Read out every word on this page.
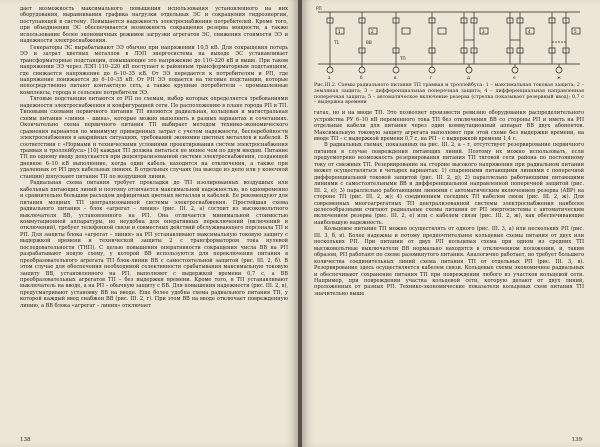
дает возможность максимального повышения использования установленного на них оборудования, выравнивания графика нагрузки отдельных ЭС и сокращения гидроэнергии, поступающей в систему. Повышается надежность электроснабжения потребителей. Кроме того, при объединении ЭС обеспечивается возможность сокращения резерва мощности, а также использование более экономичных режимов загрузки агрегатов ЭС, снижения стоимости ЭЭ и надежности электроснабжения.

Генераторы ЭС вырабатывают ЭЭ обычно при напряжении 10,5 кВ. Для сокращения потерь ЭЭ и затрат цветных металлов в ЛЭП энергосистема на выходе ЭС устанавливает трансформаторные подстанции, повышающие это напряжение до 110–220 кВ и выше. При таком напряжении ЭЭ через ЛЭП 110–220 кВ поступает к районным трансформаторным подстанциям, где снижается напряжение до 6–10–35 кВ. От ЭЭ передается к потребителям и РП, где напряжение понижается до 6–10–35 кВ. От РП ЭЭ подается на тяговые подстанции, которые непосредственно питают контактную сеть, а также крупные потребители – промышленные комплексы, города и сельские потребители ЭЭ.

Тяговые подстанции питаются от РП по схемам, выбор которых определяется требованиями надежности электроснабжения и конфигурацией сети. По расположению в плане города РП и ТП. Типовыми схемами первичного питания ТП являются радиальная, кольцевая и магистральная схемы питания «линия – шина», которые можно выполнить в разных вариантах и сочетаниях. Окончательно схема первичного питания ТП выбирает методом технико-экономического сравнения вариантов по минимуму приведенных затрат с учетом надежности, бесперебойности электроснабжения в аварийных ситуациях, требований экономии цветных металлов и кабелей. В соответствии с «Нормами и техническими условиями проектирования систем электроснабжения трамвая и троллейбуса» [10] каждая ТП должна питаться не менее чем по двум вводам. Питание ТП по одному вводу допускается при децентрализованной системе электроснабжения, создающей дневное 6–10 кВ выполнение, когда один кабель находится на отключения, а также при удаленных от РП двух кабельных линиях. В отдельных случаях (на выезде из депо или у конечной станции) допускают питание ТП по воздушной линии.

Радиальная схема питания требует прокладки до ТП изолированных воздушных или кабельных питающих линий и поэтому отличается максимальной надежностью, но одновременно и сравнительно большим расходом дефицитных цветных металлов и кабелей. Ее рекомендуют для питания мощных ТП централизованной системы электроснабжения. Простейшая схема радиального питания – блок «агрегат – линия» (рис. III. 2, а) состоит из высоковольтного выключателя ВВ, установленного на РП. Она отличается минимальной стоимостью коммутационной аппаратуры, но неудобна для оперативных переключений (включений и отключений), требует телефонной связи и совместных действий обслуживающего персонала ТП и РП. Для защиты блока «агрегат – линия» на РП устанавливают максимальную токовую защиту с выдержкой времени и технической защиты 2 с трансформатором тока нулевой последовательности (ТНП). С целью повышения оперативности сокращения числа ВВ на РП разрабатывают новую схему, у которой ВВ используются для переключения питания в преобразовательного агрегата ТП блок-линии ВВ с самостоятельной защитой (рис. III. 2, б). В этом случае для обеспечения необходимой селективности срабатывания максимальную токовую защиту ВВ, установленного на РП, выполняют с выдержкой времени 0,7 с, а ВВ преобразовательных агрегатов ТП – без выдержки времени. Кроме того, в ТП устанавливают выключатель на вводе, а на РП – обычную защиту с ВВ. Для повышения надежности (рис. III. 2, в), предусматривают установку ВВ на вводе. Еще более удобна схема радиального питания ТП, у которой каждый ввод снабжен ВВ (рис. III. 2, г). При этом ВВ на вводе отключает поврежденную линию, а ВВ блока «агрегат – линия» отключает

138
РП
Т1	ВВ
ТП
а	б	в	г	д	е	ж
1	2	3	4	5

Рис.III.2. Схемы радиального питания ТП трамвая и троллейбуса: 1 – максимальная токовая защита; 2 – земляная защита; 3 – дифференциальная поперечная защита; 4 – дифференциальная направленная поперечная защита; 5 – автоматическое включение резерва (стрелка показывает резервный ввод); 0,7 с – выдержка времени

гатах, но и на вводе ТП. Это позволяет произвести ревизию оборудования распределительного устройства РУ 6–10 кВ переменного тока ТП без отключения ВВ со стороны РП и иметь на РП отдельные кабели для питания через один коммутационный аппарат ВВ двух абонентов. Максимальную токовую защиту агрегата выполняют при этой схеме без выдержки времени, на вводе ТП – с выдержкой времени 0,7 с, на РП – с выдержкой времени 1,4 с.

В радиальных схемах, показанных на рис. III. 2, а – г, отсутствует резервирование первичного питания в случае повреждения питающих линий. Поэтому их можно использовать, если предусмотрено возможность резервирования питания ТП тяговой сети района по постоянному току от смежных ТП. Резервирование на стороне высокого напряжения при радиальном питании может осуществляться в четырех вариантах: 1) спаренными питающими линиями с поперечной дифференциальной токовой защитой (рис. III. 2, д); 2) параллельно работающими питающими линиями с самостоятельными ВВ и дифференциальной направленной поперечной защитой (рис. III. 2, е); 3) параллельно работающими линиями с автоматическим включением резерва (АВР) на стороне ТП (рис. III. 2, ж); 4) соединением соседних ТП кабелем связи (рис. III. 2, ж). Для современных многоагрегатных ТП централизованной системы электроснабжения наиболее целесообразными считают радиальные схемы питания от РП энергосистемы с автоматическим включением резерва (рис. III. 2, е) или с кабелем связи (рис. III. 2, ж), как обеспечивающие наибольшую надежность.

Кольцевое питание ТП можно осуществлять от одного (рис. III. 3, а) или нескольких РП (рис. III. 3, б, в). Более надежны и потому предпочтительнее кольцевые схемы питания от двух или нескольких РП. При питании от двух РП кольцевая схема при одном из средних ТП высоковольтные выключатели ВВ нормально находятся в отключенном положении, и, таким образом, РП работают по схеме разомкнутого питания. Аналогично работает, но требует большего количества соединительных линий схема питания ТП от отдельных РП (рис. III. 3, в). Резервирование здесь осуществляется кабелем связи. Кольцевые схемы экономичнее радиальных и обеспечивают сохранение питания ТП при повреждении любого из участков кольцевой сети. Например, при повреждении участка кольцевой сети, которую делают от двух линий, проложенных от разных РП. Технико-экономические показатели кольцевых схем питания ТП значительно выше

139
